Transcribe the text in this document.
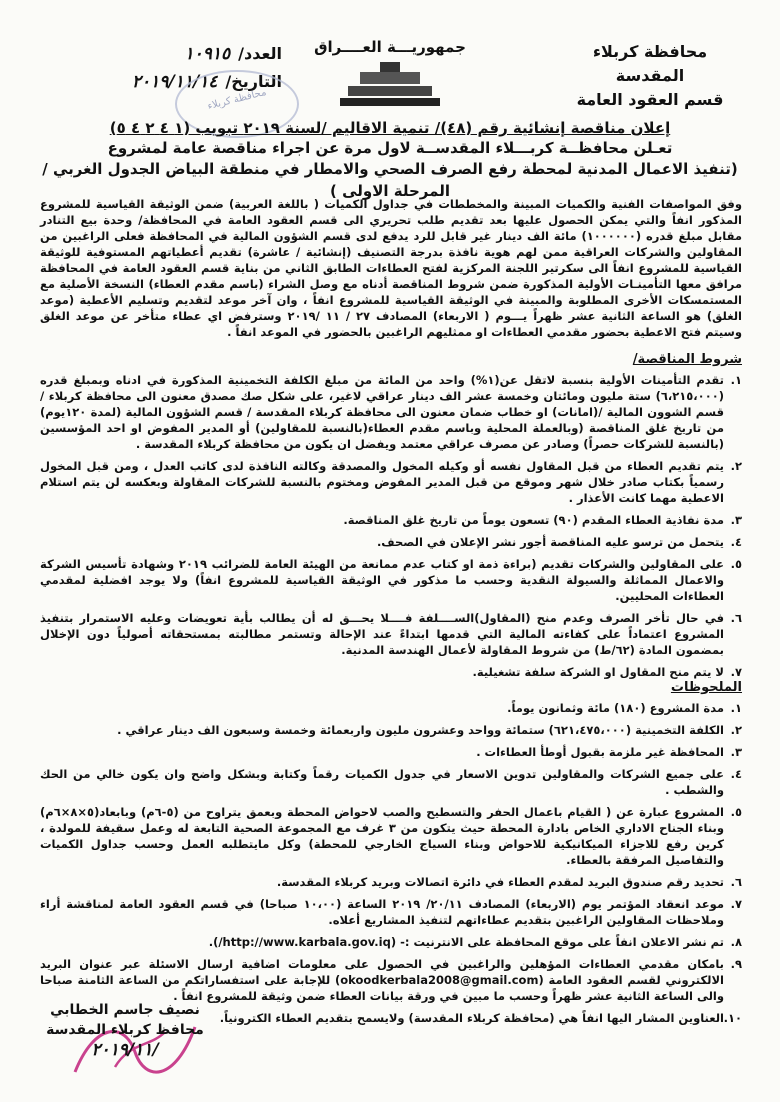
محافظة كربلاء المقدسة
قسم العقود العامة
جمهوريـــة العــــراق
العدد/
١٠٩١٥
التاريخ/
٢٠١٩/١١/١٤
محافظة كربلاء
إعلان مناقصة إنشائية رقم (٤٨)/ تنمية الاقاليم /لسنة ٢٠١٩ تبويب (١ ٤ ٢ ٤ ٥)
تعـلن محافظــة كربـــلاء المقدســة لاول مرة عن اجراء مناقصة عامة لمشروع
(تنفيذ الاعمال المدنية لمحطة رفع الصرف الصحي والامطار في منطقة البياض الجدول الغربي / المرحلة الاولى )
وفق المواصفات الفنية والكميات المبينة والمخططات في جداول الكميات ( باللغة العربية) ضمن الوثيقة القياسية للمشروع المذكور انفاً والتي يمكن الحصول عليها بعد تقديم طلب تحريري الى قسم العقود العامة في المحافظة/ وحدة بيع التنادر مقابل مبلغ قدره (١٠٠٠٠٠٠) مائة الف دينار غير قابل للرد يدفع لدى قسم الشؤون المالية في المحافظة فعلى الراغبين من المقاولين والشركات العراقية ممن لهم هوية نافذة بدرجة التصنيف (إنشائية / عاشرة) تقديم أعطياتهم المستوفية للوثيقة القياسية للمشروع انفاً الى سكرتير اللجنة المركزية لفتح العطاءات الطابق الثاني من بناية قسم العقود العامة في المحافظة مرافق معها التأمينـات الأولية المذكورة ضمن شروط المناقصة أدناه مع وصل الشراء (باسم مقدم العطاء) النسخة الأصلية مع المستمسكات الأخرى المطلوبة والمبينة في الوثيقة القياسية للمشروع انفاً ، وان آخر موعد لتقديم وتسليم الأعطية (موعد الغلق) هو الساعة الثانية عشر ظهراً يـــوم ( الاربعاء) المصادف ٢٧ / ١١ /٢٠١٩ وسترفض اي عطاء متأخر عن موعد الغلق وسيتم فتح الاعطية بحضور مقدمي العطاءات او ممثليهم الراغبين بالحضور في الموعد انفاً .
شروط المناقصة/
١.
تقدم التأمينات الأولية بنسبة لاتقل عن(١%) واحد من المائة من مبلغ الكلفة التخمينية المذكورة في ادناه وبمبلغ قدره (٦،٢١٥،٠٠٠) ستة مليون ومائتان وخمسة عشر الف دينار عراقي لاغير، على شكل صك مصدق معنون الى محافظة كربلاء / قسم الشوون المالية /(امانات) او خطاب ضمان معنون الى محافظة كربلاء المقدسة / قسم الشؤون المالية (لمدة ١٢٠يوم) من تاريخ غلق المناقصة (وبالعملة المحلية وباسم مقدم العطاء(بالنسبة للمقاولين) أو المدير المفوض او احد المؤسسين (بالنسبة للشركات حصراً) وصادر عن مصرف عراقي معتمد ويفضل ان يكون من محافظة كربلاء المقدسة .
٢.
يتم تقديم العطاء من قبل المقاول نفسه أو وكيله المخول والمصدقة وكالته النافذة لدى كاتب العدل ، ومن قبل المخول رسمياً بكتاب صادر خلال شهر وموقع من قبل المدير المفوض ومختوم بالنسبة للشركات المقاولة وبعكسه لن يتم استلام الاعطية مهما كانت الأعذار .
٣.
مدة نفاذية العطاء المقدم (٩٠) تسعون يوماً من تاريخ غلق المناقصة.
٤.
يتحمل من ترسو عليه المناقصة أجور نشر الإعلان في الصحف.
٥.
على المقاولين والشركات تقديم (براءة ذمة او كتاب عدم ممانعة من الهيئة العامة للضرائب ٢٠١٩ وشهادة تأسيس الشركة والاعمال المماثلة والسيولة النقدية وحسب ما مذكور في الوثيقة القياسية للمشروع انفاً) ولا يوجد افضلية لمقدمي العطاءات المحليين.
٦.
في حال تأخر الصرف وعدم منح (المقاول)الســــلفة فــــلا يحـــق له أن يطالب بأية تعويضات وعليه الاستمرار بتنفيذ المشروع اعتماداً على كفاءته المالية التي قدمها ابتداءً عند الإحالة وتستمر مطالبته بمستحقاته أصولياً دون الإخلال بمضمون المادة (٦٢/ط) من شروط المقاولة لأعمال الهندسة المدنية.
٧.
لا يتم منح المقاول او الشركة سلفة تشغيلية.
الملحوظات
١.
مدة المشروع (١٨٠) مائة وثمانون يوماً.
٢.
الكلفة التخمينية (٦٢١،٤٧٥،٠٠٠) ستمائة وواحد وعشرون مليون واربعمائة وخمسة وسبعون الف دينار عراقي .
٣.
المحافظة غير ملزمة بقبول أوطأ العطاءات .
٤.
على جميع الشركات والمقاولين تدوين الاسعار في جدول الكميات رقماً وكتابة وبشكل واضح وان يكون خالي من الحك والشطب .
٥.
المشروع عبارة عن ( القيام باعمال الحفر والتسطيح والصب لاحواض المحطة وبعمق يتراوح من (٥-٦م) وبابعاد(٥×٨×٦م) وبناء الجناح الاداري الخاص بادارة المحطة حيث يتكون من ٣ غرف مع المجموعة الصحية التابعة له وعمل سقيفة للمولدة ، كرين رفع للاجزاء الميكانيكية للاحواض وبناء السياج الخارجي للمحطة) وكل مايتطلبه العمل وحسب جداول الكميات والتفاصيل المرفقة بالعطاء.
٦.
تحديد رقم صندوق البريد لمقدم العطاء في دائرة اتصالات وبريد كربلاء المقدسة.
٧.
موعد انعقاد المؤتمر يوم (الاربعاء) المصادف ٢٠/١١/ ٢٠١٩ الساعة (١٠،٠٠ صباحا) في قسم العقود العامة لمناقشة أراء وملاحظات المقاولين الراغبين بتقديم عطاءاتهم لتنفيذ المشاريع أعلاه.
٨.
تم نشر الاعلان انفاً على موقع المحافظة على الانترنيت :- (http://www.karbala.gov.iq/).
٩.
بامكان مقدمي العطاءات المؤهلين والراغبين في الحصول على معلومات اضافية ارسال الاسئلة عبر عنوان البريد الالكتروني لقسم العقود العامة (okoodkerbala2008@gmail.com) للإجابة على استفساراتكم من الساعة الثامنة صباحا والى الساعة الثانية عشر ظهراً وحسب ما مبين في ورقة بيانات العطاء ضمن وثيقة للمشروع انفاً .
١٠.
العناوين المشار اليها انفاً هي (محافظة كربلاء المقدسة) ولايسمح بتقديم العطاء الكترونياً.
نصيف جاسم الخطابي
محافظ كربلاء المقدسة
٢٠١٩/١١/
